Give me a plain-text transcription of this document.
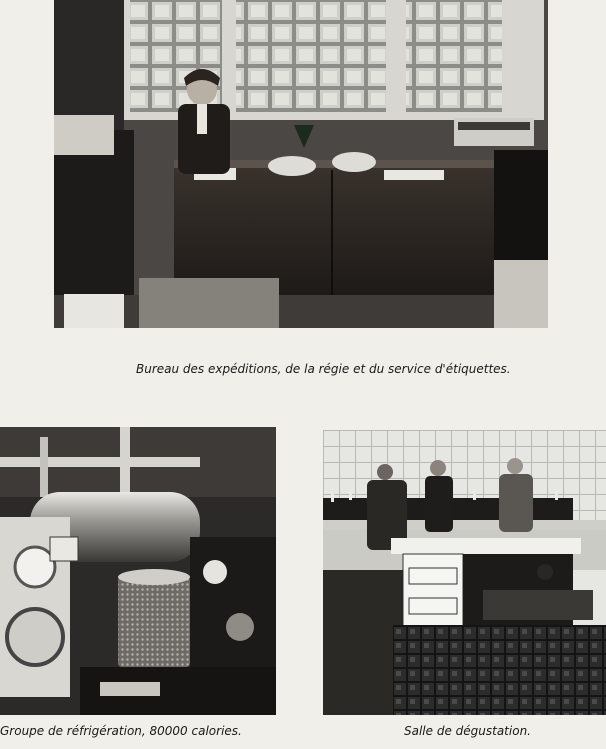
Bureau des expéditions, de la régie et du service d'étiquettes.
Groupe de réfrigération, 80000 calories.	Salle de dégustation.
